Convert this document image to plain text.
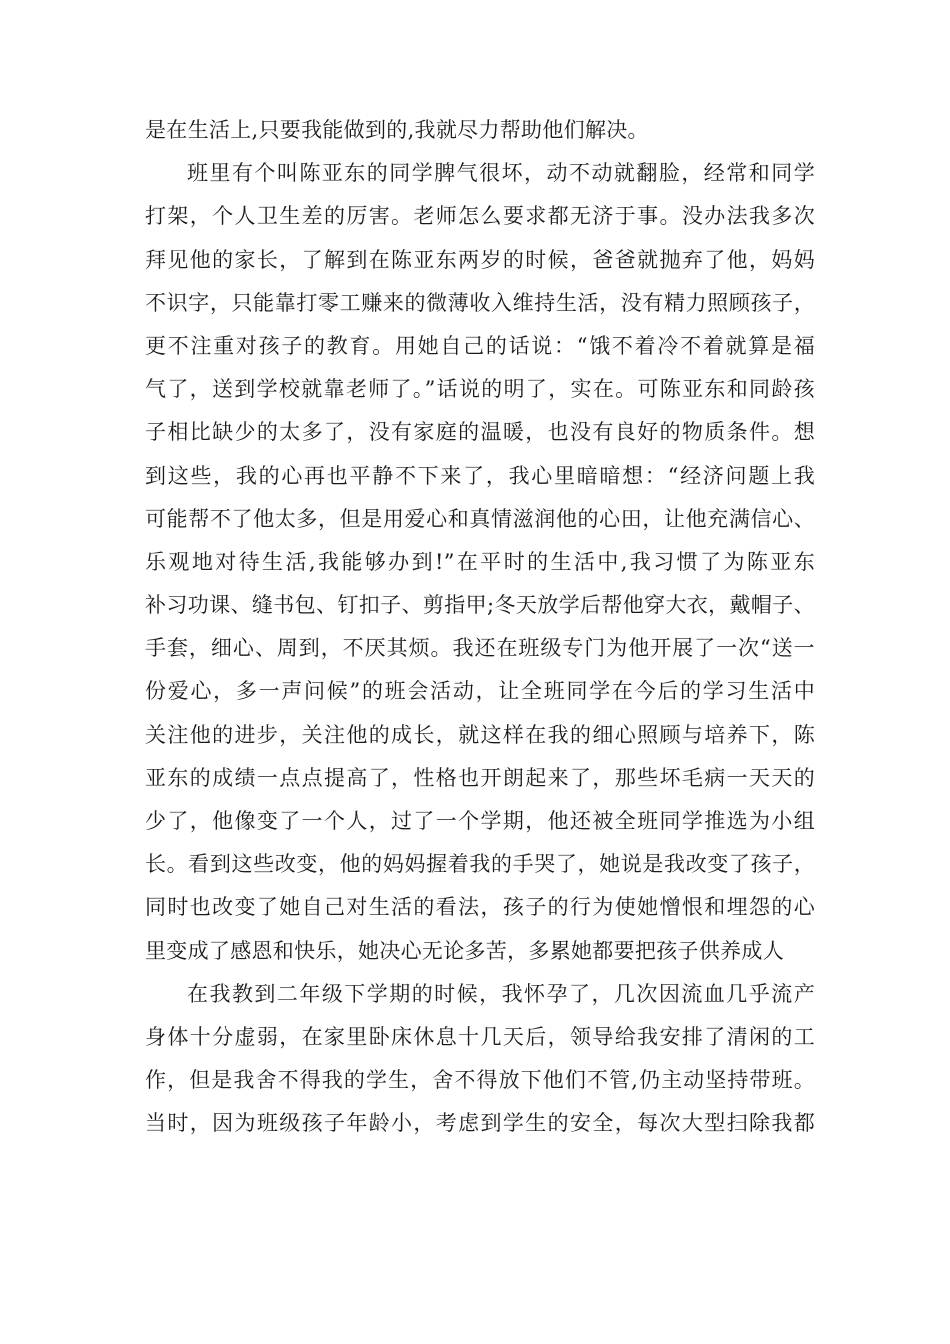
是在生活上,只要我能做到的,我就尽力帮助他们解决。
班里有个叫陈亚东的同学脾气很坏，动不动就翻脸，经常和同学
打架，个人卫生差的厉害。老师怎么要求都无济于事。没办法我多次
拜见他的家长，了解到在陈亚东两岁的时候，爸爸就抛弃了他，妈妈
不识字，只能靠打零工赚来的微薄收入维持生活，没有精力照顾孩子，
更不注重对孩子的教育。用她自己的话说：“饿不着冷不着就算是福
气了，送到学校就靠老师了。”话说的明了，实在。可陈亚东和同龄孩
子相比缺少的太多了，没有家庭的温暖，也没有良好的物质条件。想
到这些，我的心再也平静不下来了，我心里暗暗想：“经济问题上我
可能帮不了他太多，但是用爱心和真情滋润他的心田，让他充满信心、
乐观地对待生活,我能够办到!”在平时的生活中,我习惯了为陈亚东
补习功课、缝书包、钉扣子、剪指甲;冬天放学后帮他穿大衣，戴帽子、
手套，细心、周到，不厌其烦。我还在班级专门为他开展了一次“送一
份爱心，多一声问候”的班会活动，让全班同学在今后的学习生活中
关注他的进步，关注他的成长，就这样在我的细心照顾与培养下，陈
亚东的成绩一点点提高了，性格也开朗起来了，那些坏毛病一天天的
少了，他像变了一个人，过了一个学期，他还被全班同学推选为小组
长。看到这些改变，他的妈妈握着我的手哭了，她说是我改变了孩子，
同时也改变了她自己对生活的看法，孩子的行为使她憎恨和埋怨的心
里变成了感恩和快乐，她决心无论多苦，多累她都要把孩子供养成人
在我教到二年级下学期的时候，我怀孕了，几次因流血几乎流产
身体十分虚弱，在家里卧床休息十几天后，领导给我安排了清闲的工
作，但是我舍不得我的学生，舍不得放下他们不管,仍主动坚持带班。
当时，因为班级孩子年龄小，考虑到学生的安全，每次大型扫除我都
